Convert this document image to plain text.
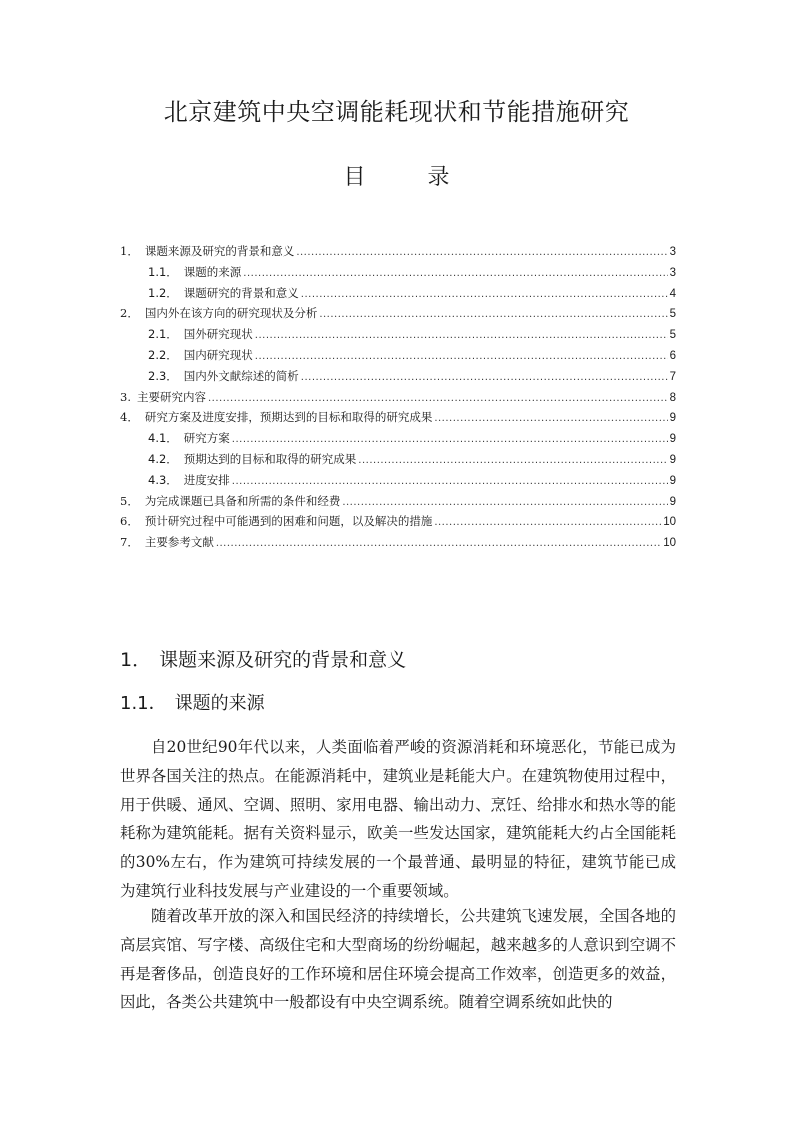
北京建筑中央空调能耗现状和节能措施研究
目　录
1． 课题来源及研究的背景和意义 .....	3
1.1． 课题的来源 .....	3
1.2． 课题研究的背景和意义 .....	4
2． 国内外在该方向的研究现状及分析 .....	5
2.1． 国外研究现状 .....	5
2.2． 国内研究现状 .....	6
2.3． 国内外文献综述的简析 .....	7
3. 主要研究内容 .....	8
4． 研究方案及进度安排，预期达到的目标和取得的研究成果 .....	9
4.1． 研究方案 .....	9
4.2． 预期达到的目标和取得的研究成果 .....	9
4.3． 进度安排 .....	9
5． 为完成课题已具备和所需的条件和经费 .....	9
6． 预计研究过程中可能遇到的困难和问题，以及解决的措施 .....	10
7． 主要参考文献 .....	10
1． 课题来源及研究的背景和意义
1.1． 课题的来源

自20世纪90年代以来，人类面临着严峻的资源消耗和环境恶化，节能已成为世界各国关注的热点。在能源消耗中，建筑业是耗能大户。在建筑物使用过程中，用于供暖、通风、空调、照明、家用电器、输出动力、烹饪、给排水和热水等的能耗称为建筑能耗。据有关资料显示，欧美一些发达国家，建筑能耗大约占全国能耗的30%左右，作为建筑可持续发展的一个最普通、最明显的特征，建筑节能已成为建筑行业科技发展与产业建设的一个重要领域。

随着改革开放的深入和国民经济的持续增长，公共建筑飞速发展，全国各地的高层宾馆、写字楼、高级住宅和大型商场的纷纷崛起，越来越多的人意识到空调不再是奢侈品，创造良好的工作环境和居住环境会提高工作效率，创造更多的效益，因此，各类公共建筑中一般都设有中央空调系统。随着空调系统如此快的
